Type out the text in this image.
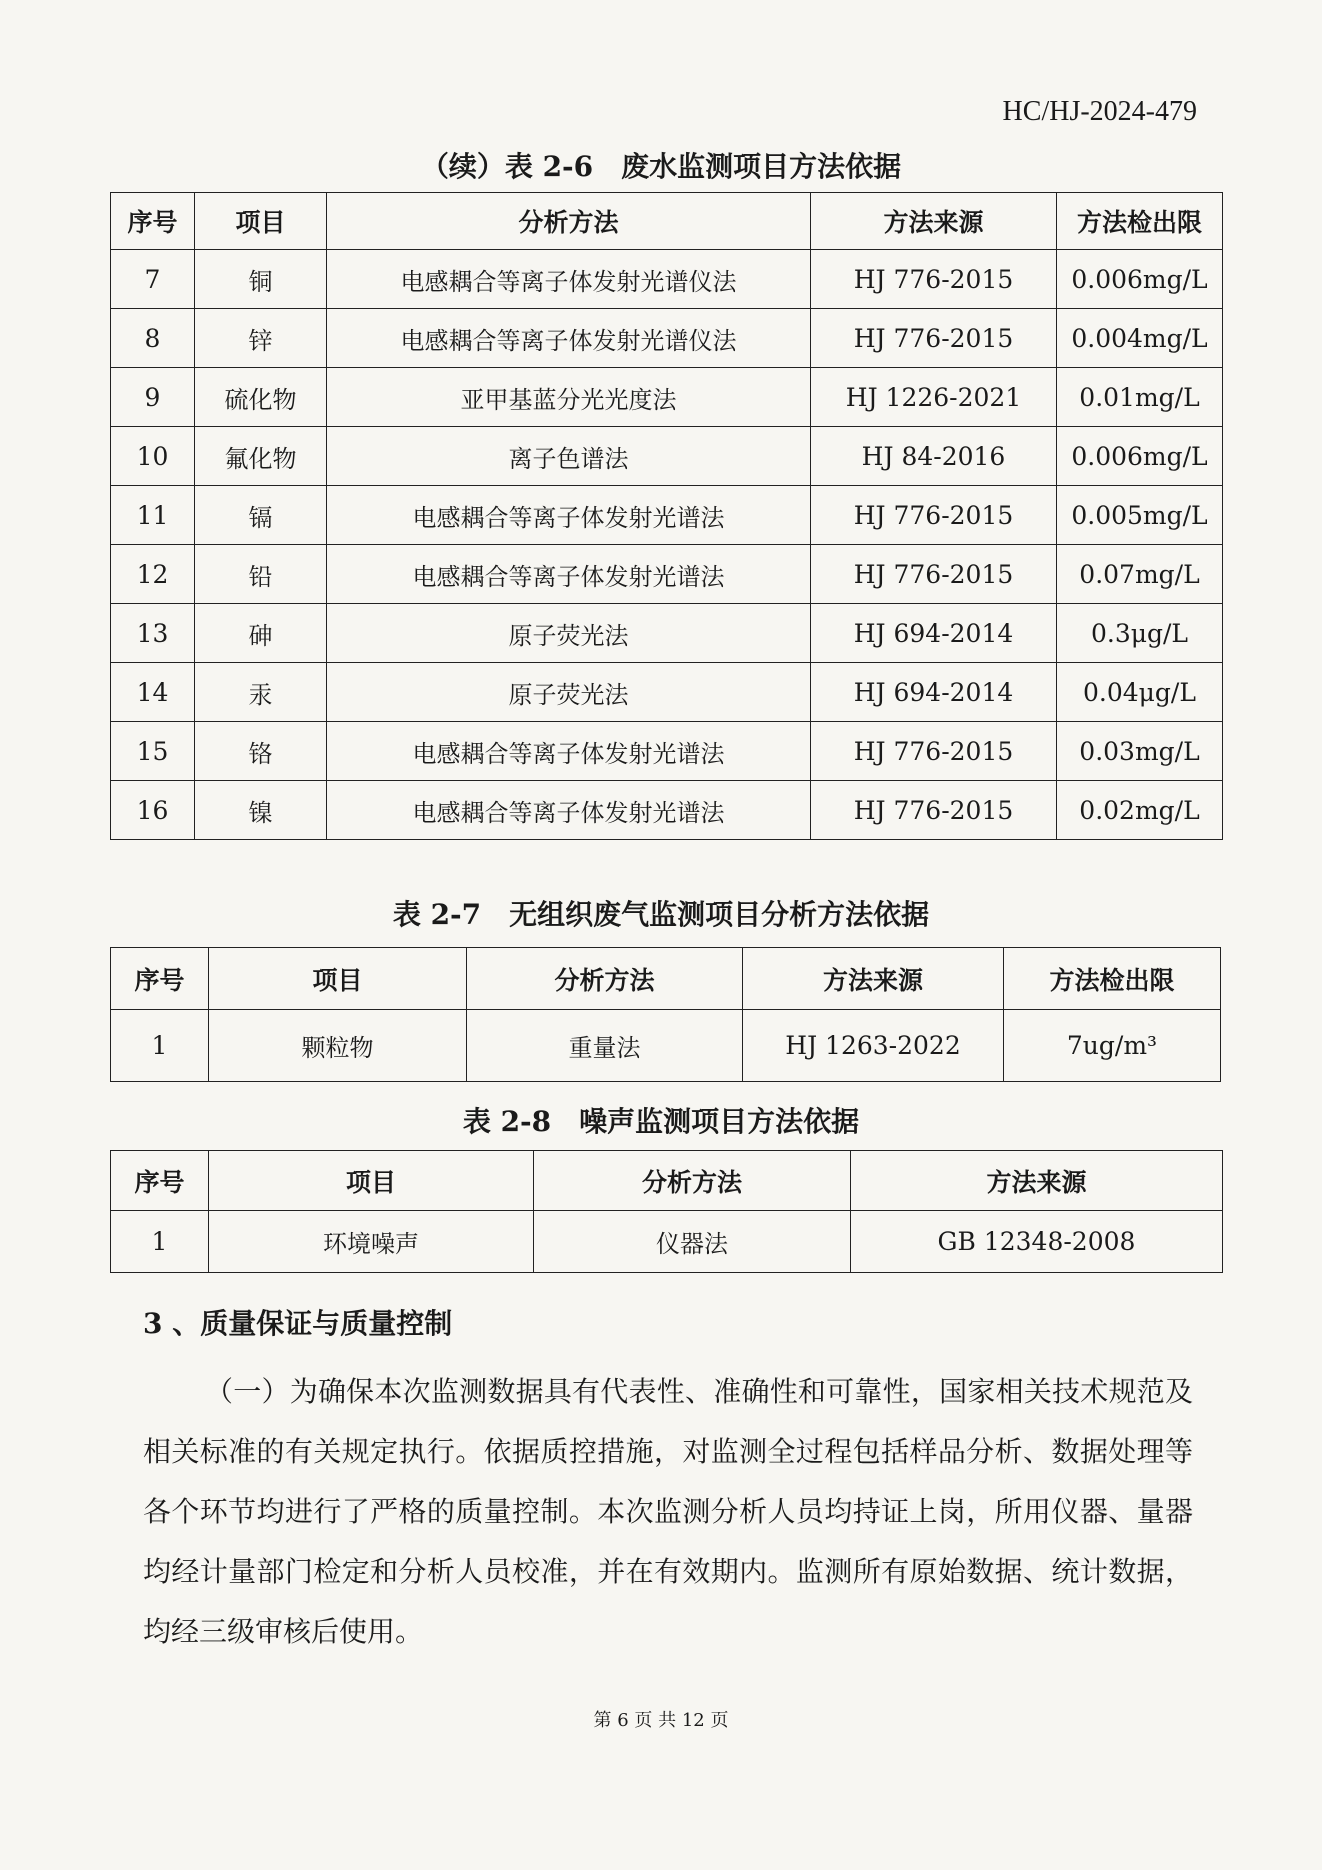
HC/HJ-2024-479
（续）表 2-6　废水监测项目方法依据
序号	项目	分析方法	方法来源	方法检出限
7	铜	电感耦合等离子体发射光谱仪法	HJ 776-2015	0.006mg/L
8	锌	电感耦合等离子体发射光谱仪法	HJ 776-2015	0.004mg/L
9	硫化物	亚甲基蓝分光光度法	HJ 1226-2021	0.01mg/L
10	氟化物	离子色谱法	HJ 84-2016	0.006mg/L
11	镉	电感耦合等离子体发射光谱法	HJ 776-2015	0.005mg/L
12	铅	电感耦合等离子体发射光谱法	HJ 776-2015	0.07mg/L
13	砷	原子荧光法	HJ 694-2014	0.3μg/L
14	汞	原子荧光法	HJ 694-2014	0.04μg/L
15	铬	电感耦合等离子体发射光谱法	HJ 776-2015	0.03mg/L
16	镍	电感耦合等离子体发射光谱法	HJ 776-2015	0.02mg/L
表 2-7　无组织废气监测项目分析方法依据
序号	项目	分析方法	方法来源	方法检出限
1	颗粒物	重量法	HJ 1263-2022	7ug/m³
表 2-8　噪声监测项目方法依据
序号	项目	分析方法	方法来源
1	环境噪声	仪器法	GB 12348-2008
3 、质量保证与质量控制

（一）为确保本次监测数据具有代表性、准确性和可靠性，国家相关技术规范及相关标准的有关规定执行。依据质控措施，对监测全过程包括样品分析、数据处理等各个环节均进行了严格的质量控制。本次监测分析人员均持证上岗，所用仪器、量器均经计量部门检定和分析人员校准，并在有效期内。监测所有原始数据、统计数据，均经三级审核后使用。

第 6 页 共 12 页
